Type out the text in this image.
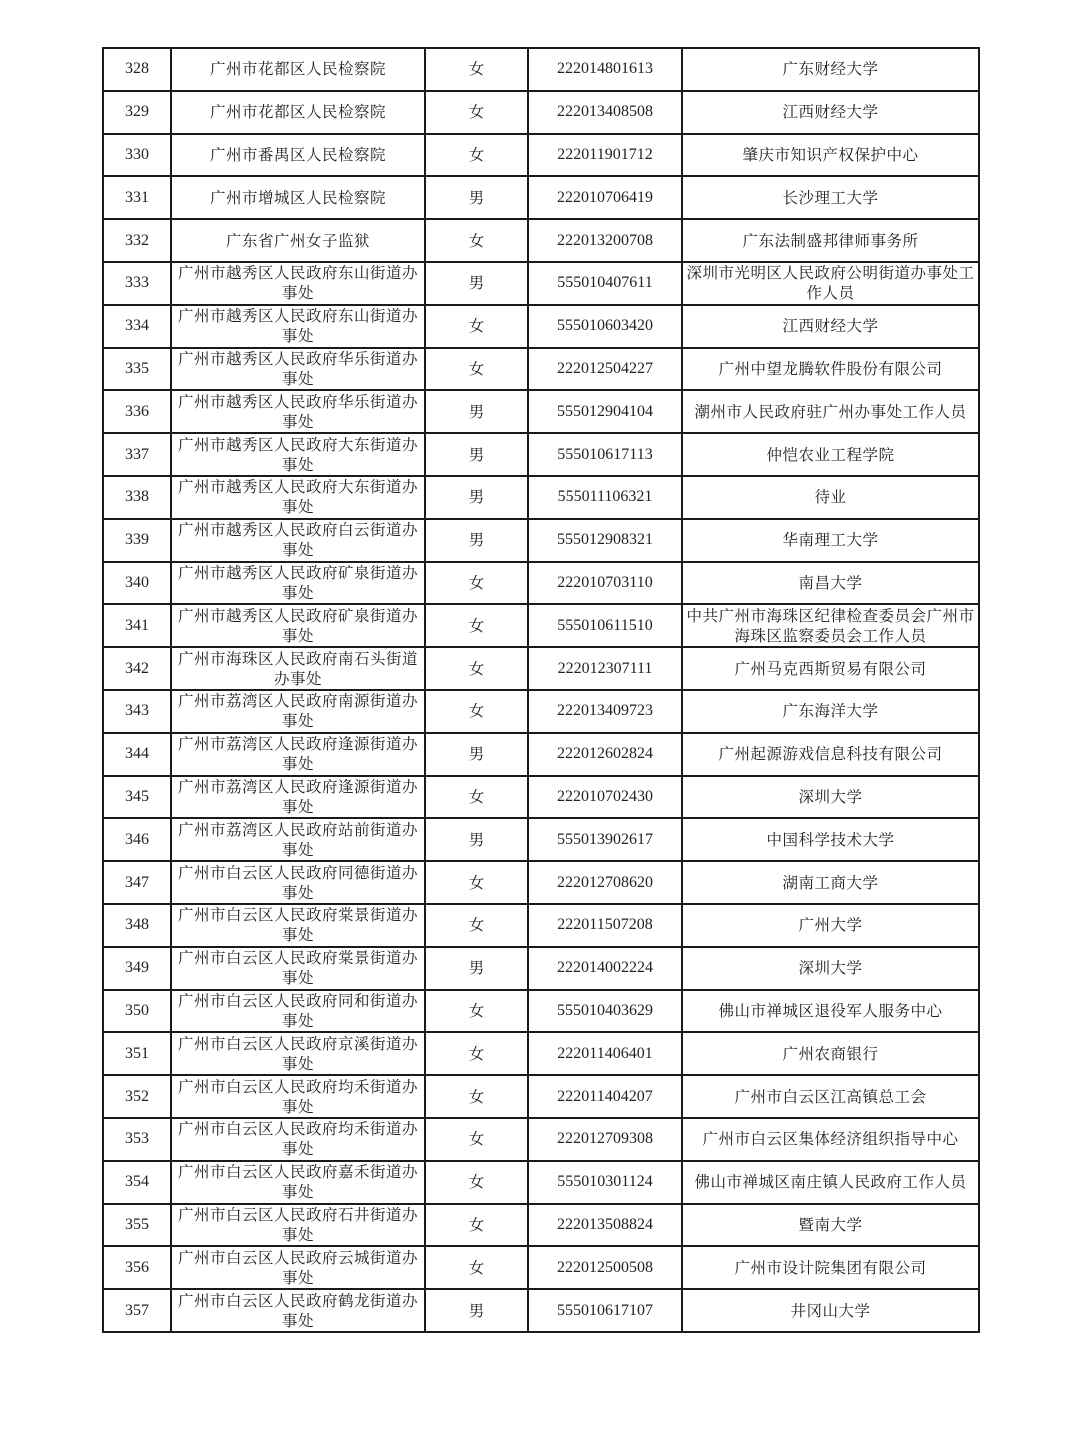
328	广州市花都区人民检察院	女	222014801613	广东财经大学
329	广州市花都区人民检察院	女	222013408508	江西财经大学
330	广州市番禺区人民检察院	女	222011901712	肇庆市知识产权保护中心
331	广州市增城区人民检察院	男	222010706419	长沙理工大学
332	广东省广州女子监狱	女	222013200708	广东法制盛邦律师事务所
333	广州市越秀区人民政府东山街道办事处	男	555010407611	深圳市光明区人民政府公明街道办事处工作人员
334	广州市越秀区人民政府东山街道办事处	女	555010603420	江西财经大学
335	广州市越秀区人民政府华乐街道办事处	女	222012504227	广州中望龙腾软件股份有限公司
336	广州市越秀区人民政府华乐街道办事处	男	555012904104	潮州市人民政府驻广州办事处工作人员
337	广州市越秀区人民政府大东街道办事处	男	555010617113	仲恺农业工程学院
338	广州市越秀区人民政府大东街道办事处	男	555011106321	待业
339	广州市越秀区人民政府白云街道办事处	男	555012908321	华南理工大学
340	广州市越秀区人民政府矿泉街道办事处	女	222010703110	南昌大学
341	广州市越秀区人民政府矿泉街道办事处	女	555010611510	中共广州市海珠区纪律检查委员会广州市海珠区监察委员会工作人员
342	广州市海珠区人民政府南石头街道办事处	女	222012307111	广州马克西斯贸易有限公司
343	广州市荔湾区人民政府南源街道办事处	女	222013409723	广东海洋大学
344	广州市荔湾区人民政府逢源街道办事处	男	222012602824	广州起源游戏信息科技有限公司
345	广州市荔湾区人民政府逢源街道办事处	女	222010702430	深圳大学
346	广州市荔湾区人民政府站前街道办事处	男	555013902617	中国科学技术大学
347	广州市白云区人民政府同德街道办事处	女	222012708620	湖南工商大学
348	广州市白云区人民政府棠景街道办事处	女	222011507208	广州大学
349	广州市白云区人民政府棠景街道办事处	男	222014002224	深圳大学
350	广州市白云区人民政府同和街道办事处	女	555010403629	佛山市禅城区退役军人服务中心
351	广州市白云区人民政府京溪街道办事处	女	222011406401	广州农商银行
352	广州市白云区人民政府均禾街道办事处	女	222011404207	广州市白云区江高镇总工会
353	广州市白云区人民政府均禾街道办事处	女	222012709308	广州市白云区集体经济组织指导中心
354	广州市白云区人民政府嘉禾街道办事处	女	555010301124	佛山市禅城区南庄镇人民政府工作人员
355	广州市白云区人民政府石井街道办事处	女	222013508824	暨南大学
356	广州市白云区人民政府云城街道办事处	女	222012500508	广州市设计院集团有限公司
357	广州市白云区人民政府鹤龙街道办事处	男	555010617107	井冈山大学
